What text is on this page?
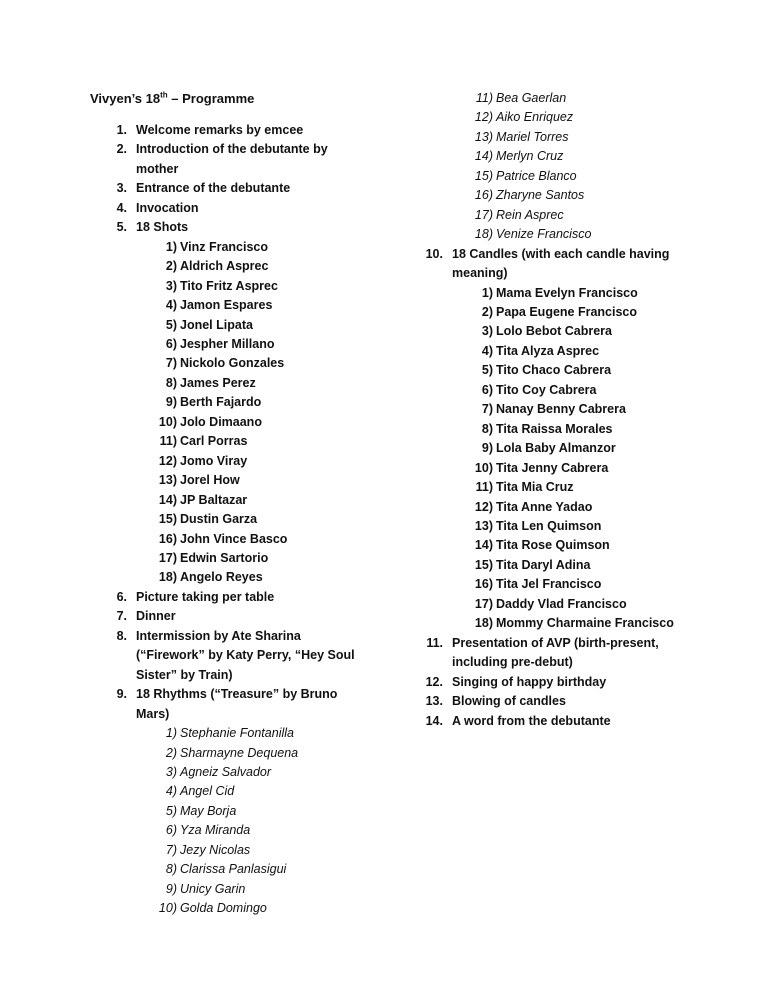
Vivyen’s 18th – Programme
1. Welcome remarks by emcee
2. Introduction of the debutante by mother
3. Entrance of the debutante
4. Invocation
5. 18 Shots
1) Vinz Francisco
2) Aldrich Asprec
3) Tito Fritz Asprec
4) Jamon Espares
5) Jonel Lipata
6) Jespher Millano
7) Nickolo Gonzales
8) James Perez
9) Berth Fajardo
10) Jolo Dimaano
11) Carl Porras
12) Jomo Viray
13) Jorel How
14) JP Baltazar
15) Dustin Garza
16) John Vince Basco
17) Edwin Sartorio
18) Angelo Reyes
6. Picture taking per table
7. Dinner
8. Intermission by Ate Sharina (“Firework” by Katy Perry, “Hey Soul Sister” by Train)
9. 18 Rhythms (“Treasure” by Bruno Mars)
1) Stephanie Fontanilla
2) Sharmayne Dequena
3) Agneiz Salvador
4) Angel Cid
5) May Borja
6) Yza Miranda
7) Jezy Nicolas
8) Clarissa Panlasigui
9) Unicy Garin
10) Golda Domingo
11) Bea Gaerlan
12) Aiko Enriquez
13) Mariel Torres
14) Merlyn Cruz
15) Patrice Blanco
16) Zharyne Santos
17) Rein Asprec
18) Venize Francisco
10. 18 Candles (with each candle having meaning)
1) Mama Evelyn Francisco
2) Papa Eugene Francisco
3) Lolo Bebot Cabrera
4) Tita Alyza Asprec
5) Tito Chaco Cabrera
6) Tito Coy Cabrera
7) Nanay Benny Cabrera
8) Tita Raissa Morales
9) Lola Baby Almanzor
10) Tita Jenny Cabrera
11) Tita Mia Cruz
12) Tita Anne Yadao
13) Tita Len Quimson
14) Tita Rose Quimson
15) Tita Daryl Adina
16) Tita Jel Francisco
17) Daddy Vlad Francisco
18) Mommy Charmaine Francisco
11. Presentation of AVP (birth-present, including pre-debut)
12. Singing of happy birthday
13. Blowing of candles
14. A word from the debutante
